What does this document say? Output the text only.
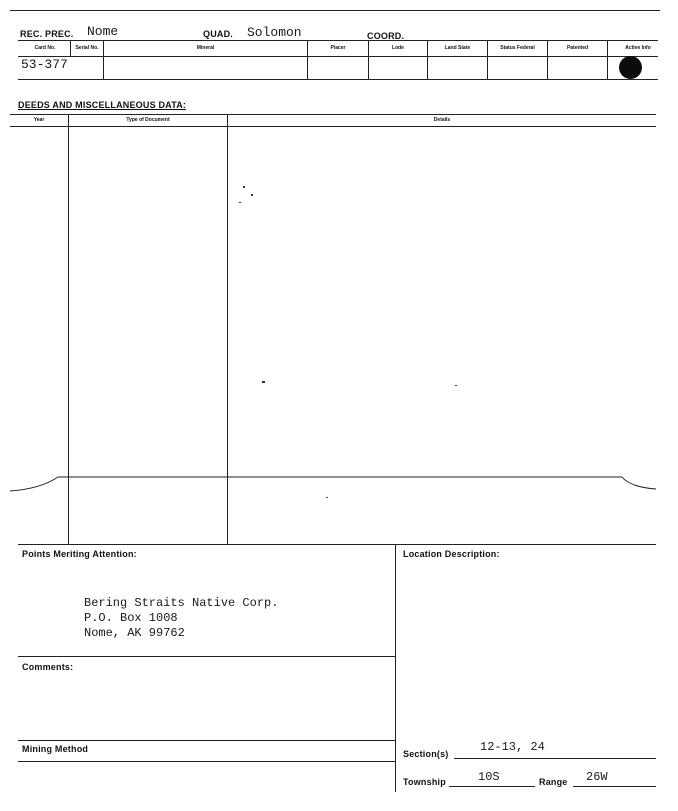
REC. PREC. Nome	QUAD. Solomon	COORD.
Card No.	Serial No.	Mineral	Placer	Lode	Land State	Status Federal	Patented	Active Info
53-377
DEEDS AND MISCELLANEOUS DATA:
Year	Type of Document	Details
Points Meriting Attention:
Bering Straits Native Corp.
P.O. Box 1008
Nome, AK 99762
Location Description:
Comments:
Mining Method	Section(s)	12-13, 24
Township	10S	Range 26W
